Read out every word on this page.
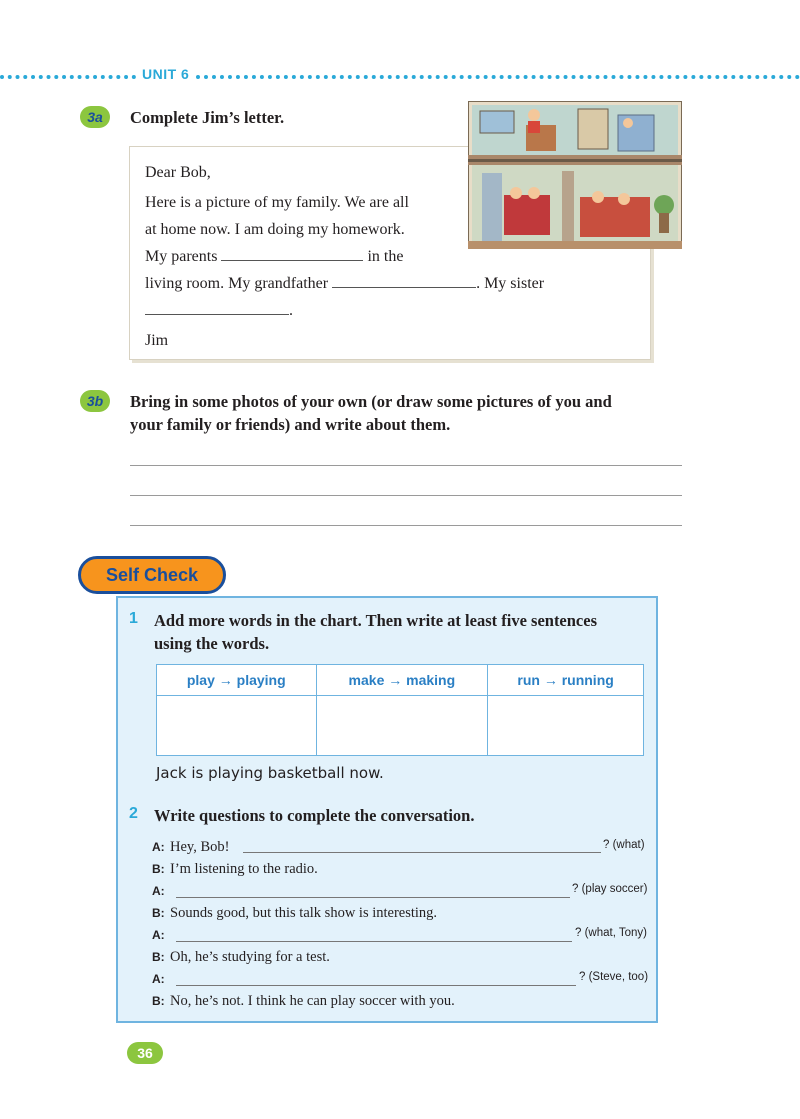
UNIT 6
3a	Complete Jim’s letter.

Dear Bob,

Here is a picture of my family. We are all

at home now. I am doing my homework.

My parents	in the

living room. My grandfather	. My sister

.

Jim

3b	Bring in some photos of your own (or draw some pictures of you and
your family or friends) and write about them.
Self Check
1 Add more words in the chart. Then write at least five sentences
using the words.
play → playing	make → making	run → running

Jack is playing basketball now.
2 Write questions to complete the conversation.
A: Hey, Bob!	? (what)
B: I’m listening to the radio.
A:	? (play soccer)
B: Sounds good, but this talk show is interesting.
A:	? (what, Tony)
B: Oh, he’s studying for a test.
A:	? (Steve, too)
B: No, he’s not. I think he can play soccer with you.
36
